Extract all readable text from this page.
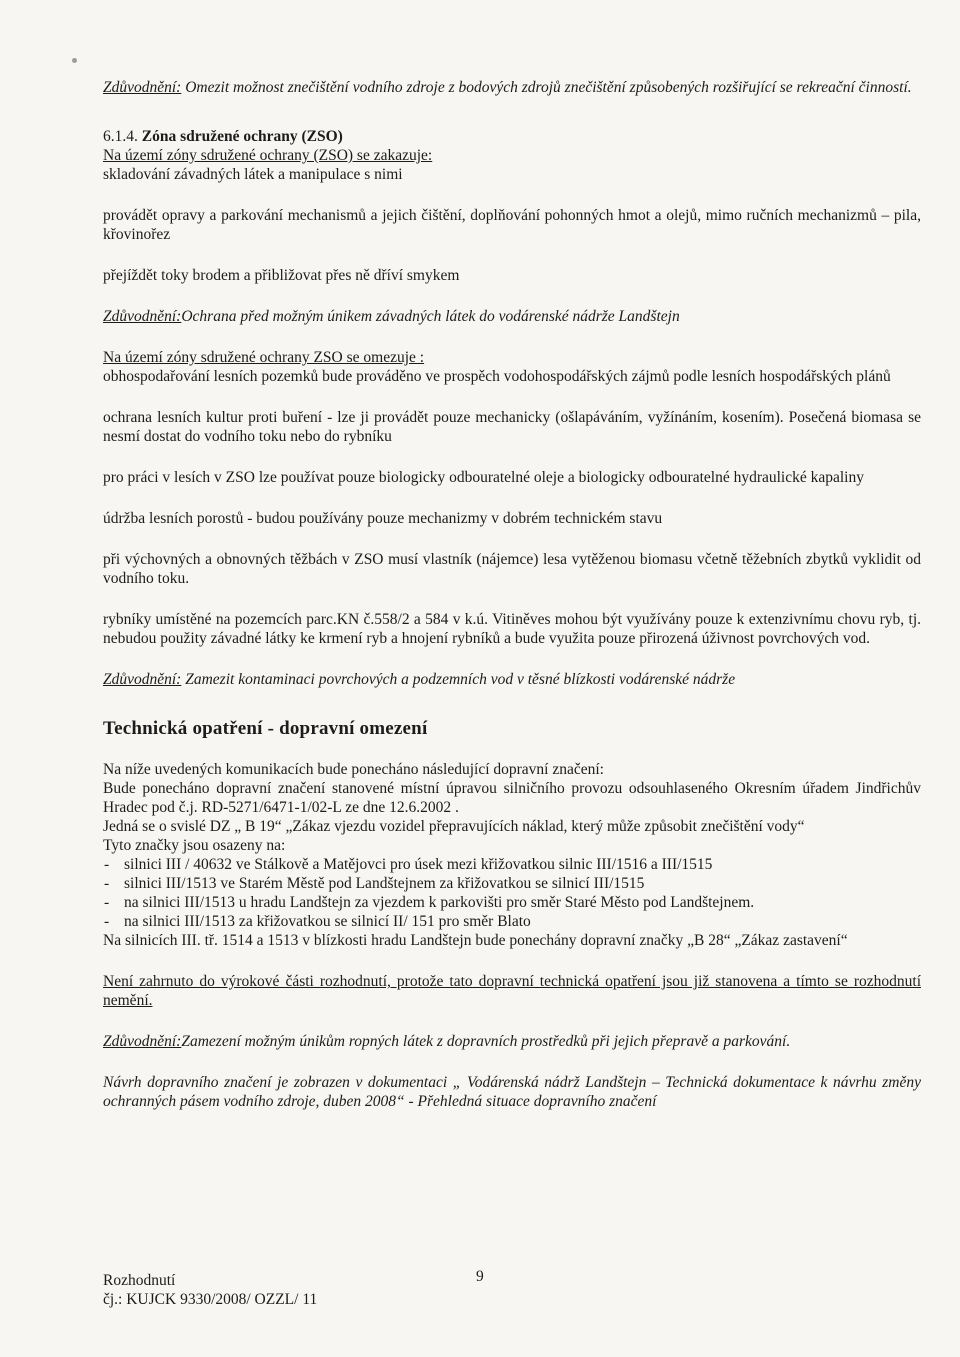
Zdůvodnění: Omezit možnost znečištění vodního zdroje z bodových zdrojů znečištění způsobených rozšiřující se rekreační činností.

6.1.4. Zóna sdružené ochrany (ZSO)

Na území zóny sdružené ochrany (ZSO) se zakazuje:

skladování závadných látek a manipulace s nimi

provádět opravy a parkování mechanismů a jejich čištění, doplňování pohonných hmot a olejů, mimo ručních mechanizmů – pila, křovinořez

přejíždět toky brodem a přibližovat přes ně dříví smykem

Zdůvodnění:Ochrana před možným únikem závadných látek do vodárenské nádrže Landštejn

Na území zóny sdružené ochrany ZSO se omezuje :

obhospodařování lesních pozemků bude prováděno ve prospěch vodohospodářských zájmů podle lesních hospodářských plánů

ochrana lesních kultur proti buření - lze ji provádět pouze mechanicky (ošlapáváním, vyžínáním, kosením). Posečená biomasa se nesmí dostat do vodního toku nebo do rybníku

pro práci v lesích v ZSO lze používat pouze biologicky odbouratelné oleje a biologicky odbouratelné hydraulické kapaliny

údržba lesních porostů - budou používány pouze mechanizmy v dobrém technickém stavu

při výchovných a obnovných těžbách v ZSO musí vlastník (nájemce) lesa vytěženou biomasu včetně těžebních zbytků vyklidit od vodního toku.

rybníky umístěné na pozemcích parc.KN č.558/2 a 584 v k.ú. Vitiněves mohou být využívány pouze k extenzivnímu chovu ryb, tj. nebudou použity závadné látky ke krmení ryb a hnojení rybníků a bude využita pouze přirozená úživnost povrchových vod.

Zdůvodnění: Zamezit kontaminaci povrchových a podzemních vod v těsné blízkosti vodárenské nádrže

Technická opatření - dopravní omezení

Na níže uvedených komunikacích bude ponecháno následující dopravní značení:

Bude ponecháno dopravní značení stanovené místní úpravou silničního provozu odsouhlaseného Okresním úřadem Jindřichův Hradec pod č.j. RD-5271/6471-1/02-L ze dne 12.6.2002 .

Jedná se o svislé DZ „ B 19“ „Zákaz vjezdu vozidel přepravujících náklad, který může způsobit znečištění vody“

Tyto značky jsou osazeny na:

- silnici III / 40632 ve Stálkově a Matějovci pro úsek mezi křižovatkou silnic III/1516 a III/1515
- silnici III/1513 ve Starém Městě pod Landštejnem za křižovatkou se silnicí III/1515
- na silnici III/1513 u hradu Landštejn za vjezdem k parkovišti pro směr Staré Město pod Landštejnem.
- na silnici III/1513 za křižovatkou se silnicí II/ 151 pro směr Blato

Na silnicích III. tř. 1514 a 1513 v blízkosti hradu Landštejn bude ponechány dopravní značky „B 28“ „Zákaz zastavení“

Není zahrnuto do výrokové části rozhodnutí, protože tato dopravní technická opatření jsou již stanovena a tímto se rozhodnutí nemění.

Zdůvodnění:Zamezení možným únikům ropných látek z dopravních prostředků při jejich přepravě a parkování.

Návrh dopravního značení je zobrazen v dokumentaci „ Vodárenská nádrž Landštejn – Technická dokumentace k návrhu změny ochranných pásem vodního zdroje, duben 2008“ - Přehledná situace dopravního značení

Rozhodnutí

čj.: KUJCK 9330/2008/ OZZL/ 11

9
